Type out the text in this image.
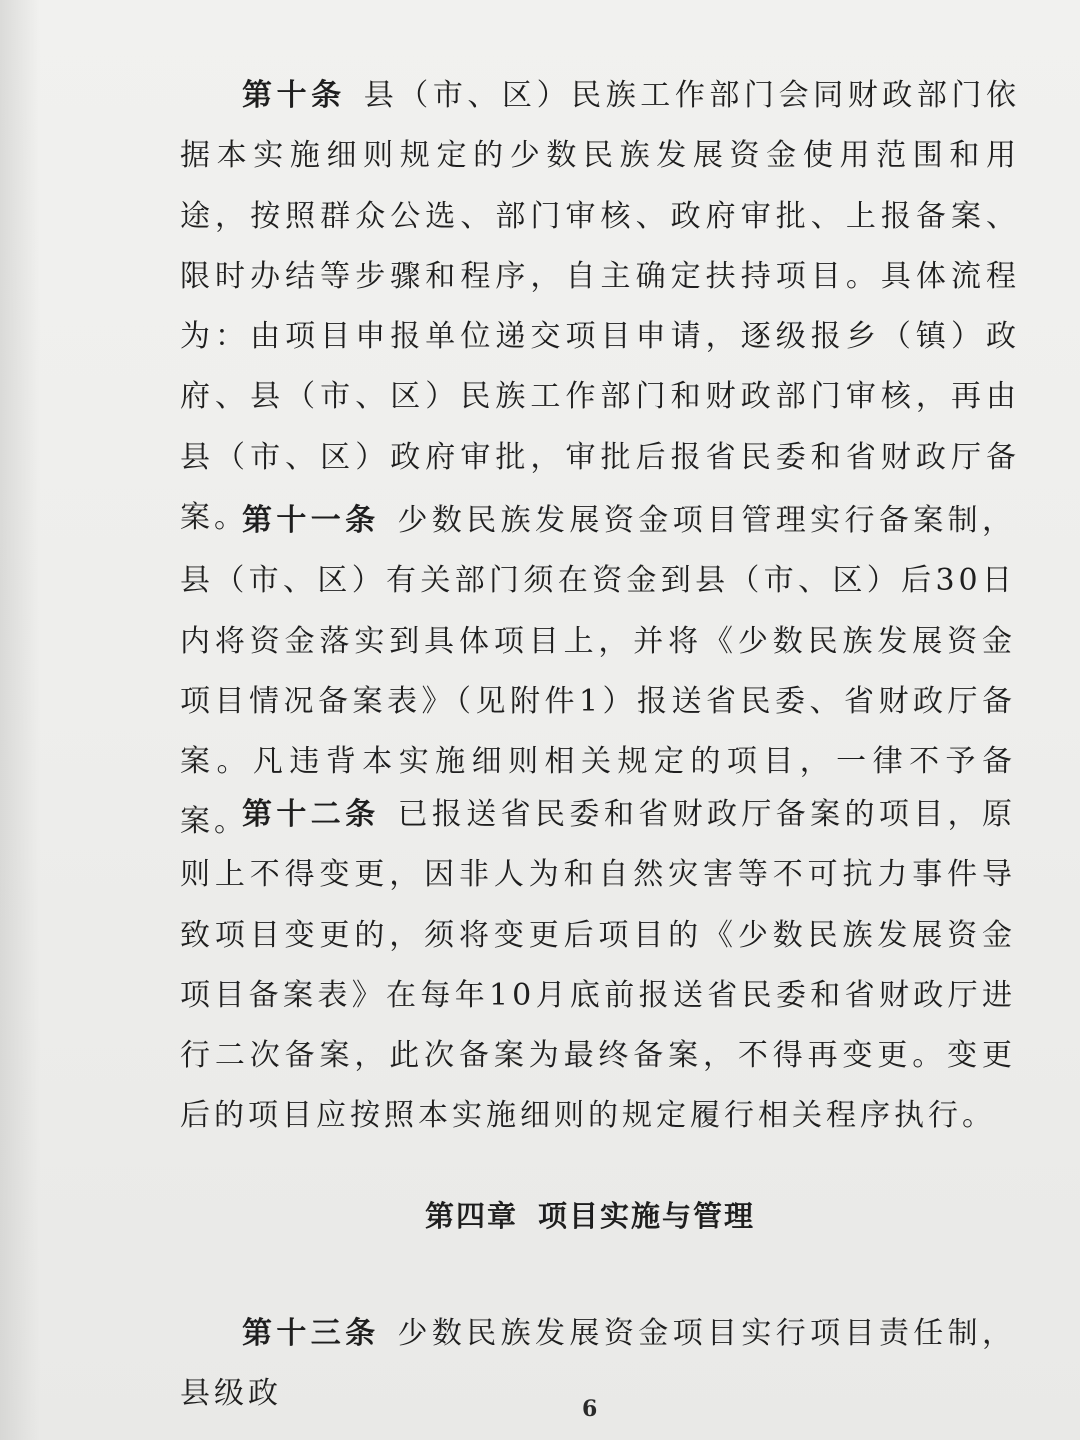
第十条 县（市、区）民族工作部门会同财政部门依据本实施细则规定的少数民族发展资金使用范围和用途，按照群众公选、部门审核、政府审批、上报备案、限时办结等步骤和程序，自主确定扶持项目。具体流程为：由项目申报单位递交项目申请，逐级报乡（镇）政府、县（市、区）民族工作部门和财政部门审核，再由县（市、区）政府审批，审批后报省民委和省财政厅备案。

第十一条 少数民族发展资金项目管理实行备案制，县（市、区）有关部门须在资金到县（市、区）后30日内将资金落实到具体项目上，并将《少数民族发展资金项目情况备案表》（见附件1）报送省民委、省财政厅备案。凡违背本实施细则相关规定的项目，一律不予备案。

第十二条 已报送省民委和省财政厅备案的项目，原则上不得变更，因非人为和自然灾害等不可抗力事件导致项目变更的，须将变更后项目的《少数民族发展资金项目备案表》在每年10月底前报送省民委和省财政厅进行二次备案，此次备案为最终备案，不得再变更。变更后的项目应按照本实施细则的规定履行相关程序执行。

第四章 项目实施与管理

第十三条 少数民族发展资金项目实行项目责任制，县级政	6
